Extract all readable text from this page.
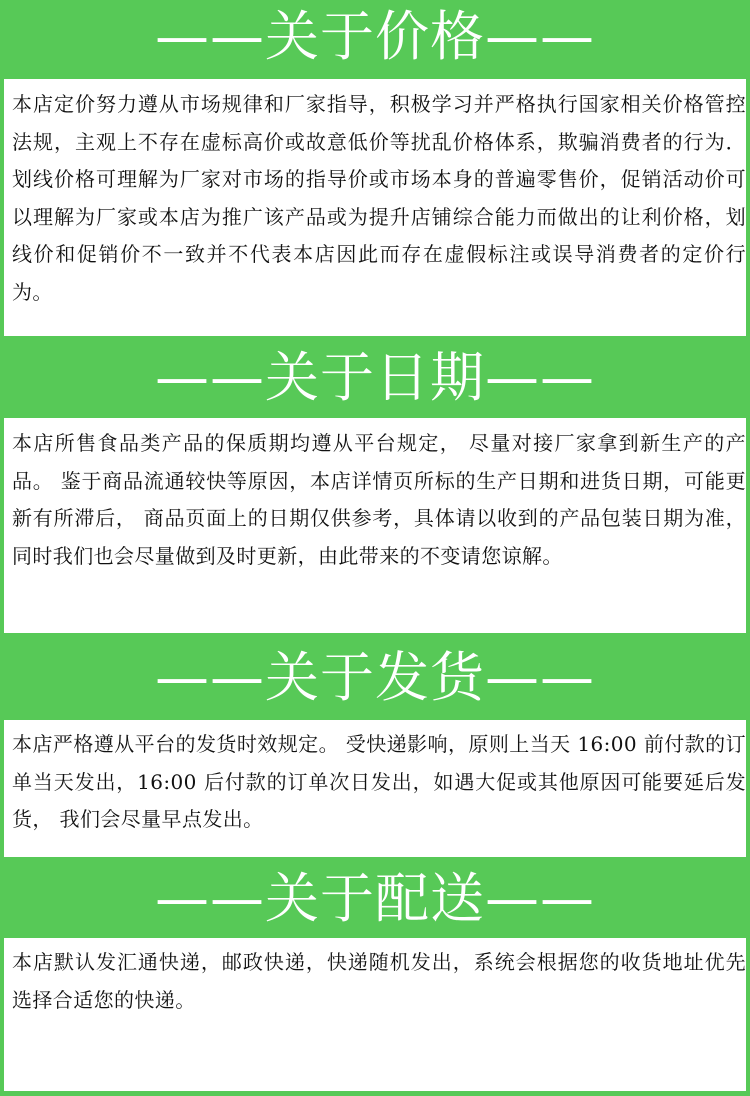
——关于价格——

本店定价努力遵从市场规律和厂家指导，积极学习并严格执行国家相关价格管控法规，主观上不存在虚标高价或故意低价等扰乱价格体系，欺骗消费者的行为．划线价格可理解为厂家对市场的指导价或市场本身的普遍零售价，促销活动价可以理解为厂家或本店为推广该产品或为提升店铺综合能力而做出的让利价格，划线价和促销价不一致并不代表本店因此而存在虚假标注或误导消费者的定价行为。

——关于日期——

本店所售食品类产品的保质期均遵从平台规定， 尽量对接厂家拿到新生产的产品。 鉴于商品流通较快等原因，本店详情页所标的生产日期和进货日期，可能更新有所滞后， 商品页面上的日期仅供参考，具体请以收到的产品包装日期为准， 同时我们也会尽量做到及时更新，由此带来的不变请您谅解。

——关于发货——

本店严格遵从平台的发货时效规定。 受快递影响，原则上当天 16:00 前付款的订单当天发出，16:00 后付款的订单次日发出，如遇大促或其他原因可能要延后发货， 我们会尽量早点发出。

——关于配送——

本店默认发汇通快递，邮政快递，快递随机发出，系统会根据您的收货地址优先选择合适您的快递。
